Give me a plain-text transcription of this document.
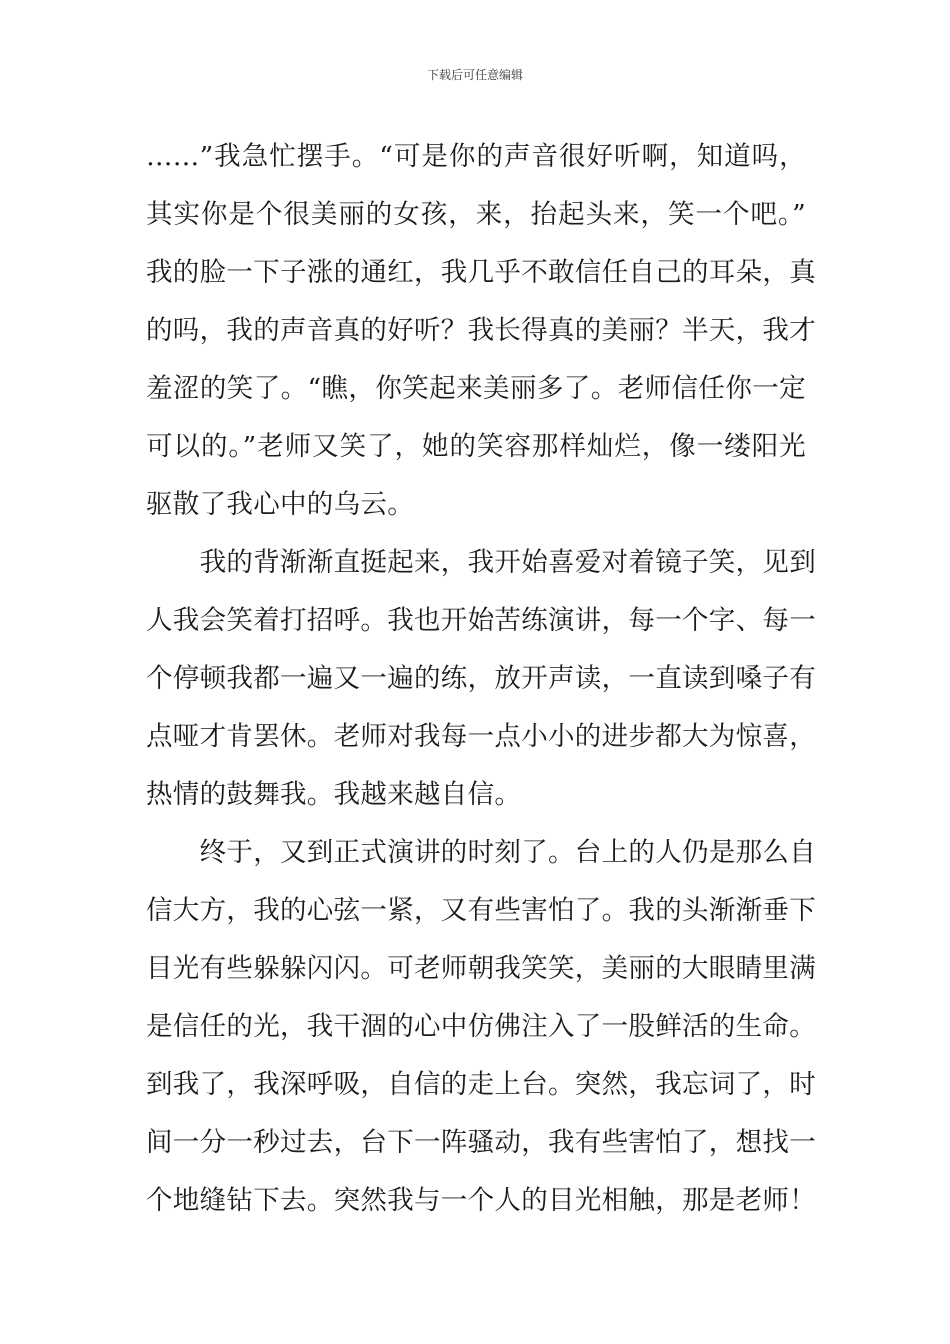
下载后可任意编辑
……”我急忙摆手。“可是你的声音很好听啊，知道吗，
其实你是个很美丽的女孩，来，抬起头来，笑一个吧。”
我的脸一下子涨的通红，我几乎不敢信任自己的耳朵，真
的吗，我的声音真的好听？我长得真的美丽？半天，我才
羞涩的笑了。“瞧，你笑起来美丽多了。老师信任你一定
可以的。”老师又笑了，她的笑容那样灿烂，像一缕阳光
驱散了我心中的乌云。
　　我的背渐渐直挺起来，我开始喜爱对着镜子笑，见到
人我会笑着打招呼。我也开始苦练演讲，每一个字、每一
个停顿我都一遍又一遍的练，放开声读，一直读到嗓子有
点哑才肯罢休。老师对我每一点小小的进步都大为惊喜，
热情的鼓舞我。我越来越自信。
　　终于，又到正式演讲的时刻了。台上的人仍是那么自
信大方，我的心弦一紧，又有些害怕了。我的头渐渐垂下
目光有些躲躲闪闪。可老师朝我笑笑，美丽的大眼睛里满
是信任的光，我干涸的心中仿佛注入了一股鲜活的生命。
到我了，我深呼吸，自信的走上台。突然，我忘词了，时
间一分一秒过去，台下一阵骚动，我有些害怕了，想找一
个地缝钻下去。突然我与一个人的目光相触，那是老师！
